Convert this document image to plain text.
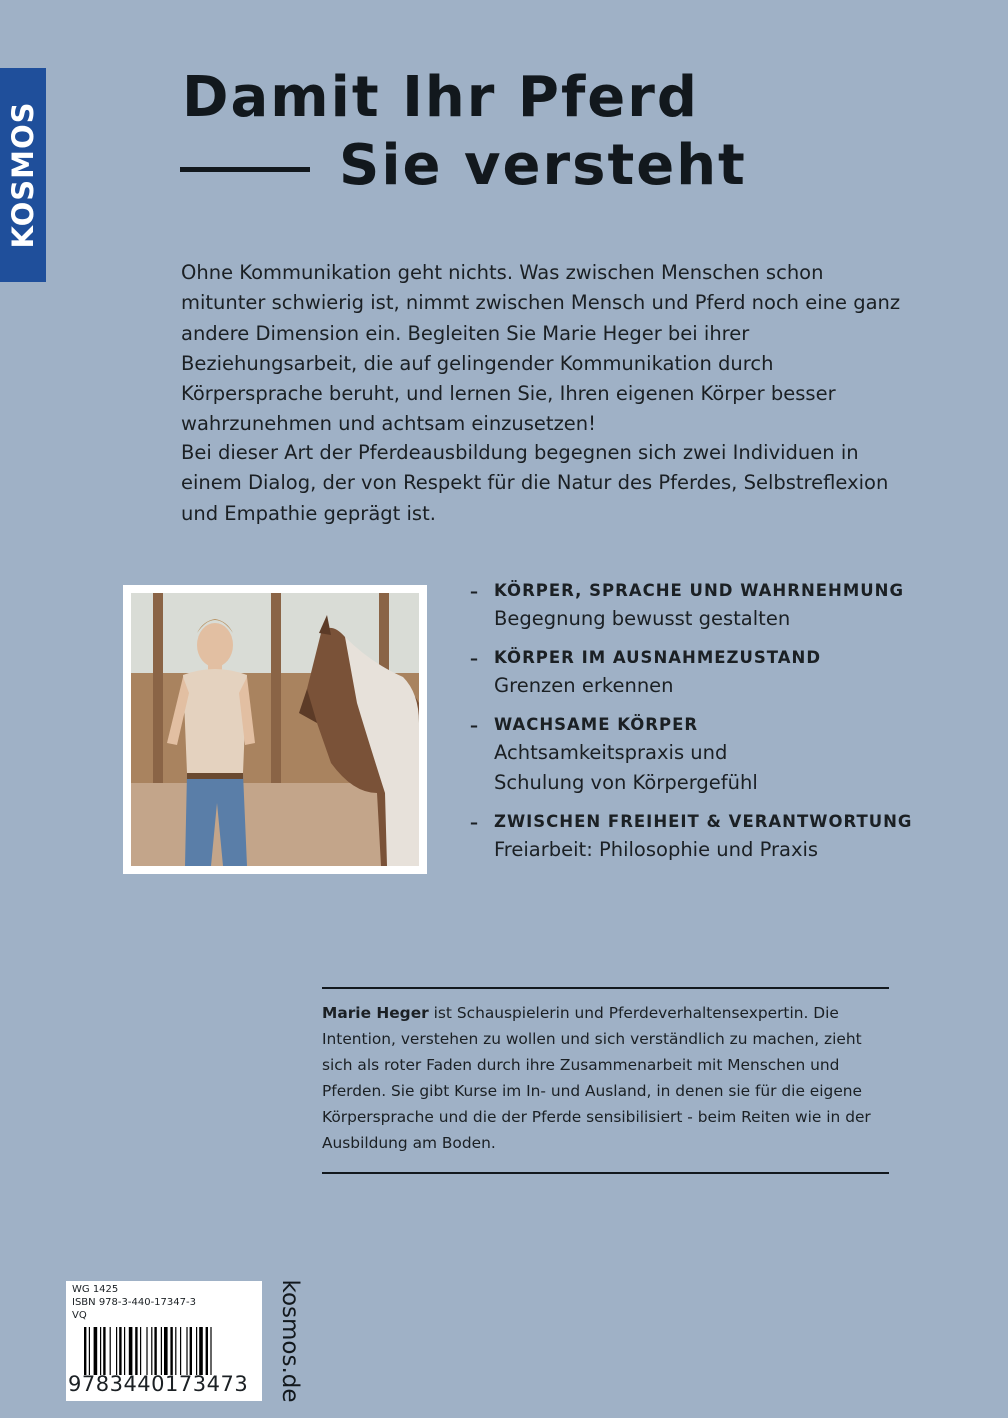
KOSMOS
Damit Ihr Pferd
Sie versteht

Ohne Kommunikation geht nichts. Was zwischen Menschen schon mitunter schwierig ist, nimmt zwischen Mensch und Pferd noch eine ganz andere Dimension ein. Begleiten Sie Marie Heger bei ihrer Beziehungsarbeit, die auf gelingender Kommunikation durch Körpersprache beruht, und lernen Sie, Ihren eigenen Körper besser wahrzunehmen und achtsam einzusetzen!

Bei dieser Art der Pferdeausbildung begegnen sich zwei Individuen in einem Dialog, der von Respekt für die Natur des Pferdes, Selbstreflexion und Empathie geprägt ist.

– KÖRPER, SPRACHE UND WAHRNEHMUNG
Begegnung bewusst gestalten
– KÖRPER IM AUSNAHMEZUSTAND
Grenzen erkennen
– WACHSAME KÖRPER
Achtsamkeitspraxis und Schulung von Körpergefühl
– ZWISCHEN FREIHEIT & VERANTWORTUNG
Freiarbeit: Philosophie und Praxis

Marie Heger ist Schauspielerin und Pferdeverhaltensexpertin. Die Intention, verstehen zu wollen und sich verständlich zu machen, zieht sich als roter Faden durch ihre Zusammenarbeit mit Menschen und Pferden. Sie gibt Kurse im In- und Ausland, in denen sie für die eigene Körpersprache und die der Pferde sensibilisiert - beim Reiten wie in der Ausbildung am Boden.

WG 1425
ISBN 978-3-440-17347-3
VQ
9783440173473 kosmos.de
